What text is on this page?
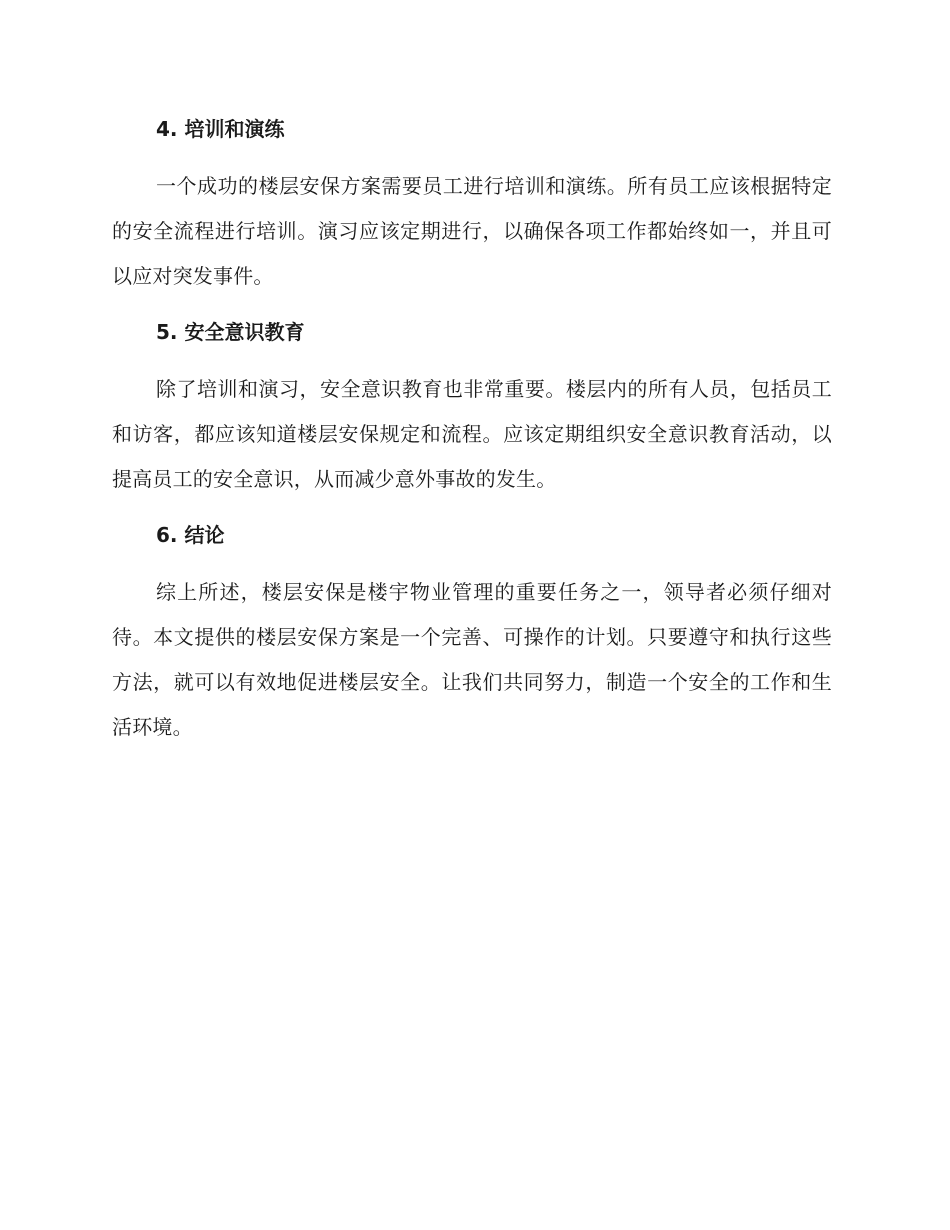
4. 培训和演练

一个成功的楼层安保方案需要员工进行培训和演练。所有员工应该根据特定的安全流程进行培训。演习应该定期进行，以确保各项工作都始终如一，并且可以应对突发事件。

5. 安全意识教育

除了培训和演习，安全意识教育也非常重要。楼层内的所有人员，包括员工和访客，都应该知道楼层安保规定和流程。应该定期组织安全意识教育活动，以提高员工的安全意识，从而减少意外事故的发生。

6. 结论

综上所述，楼层安保是楼宇物业管理的重要任务之一，领导者必须仔细对待。本文提供的楼层安保方案是一个完善、可操作的计划。只要遵守和执行这些方法，就可以有效地促进楼层安全。让我们共同努力，制造一个安全的工作和生活环境。
